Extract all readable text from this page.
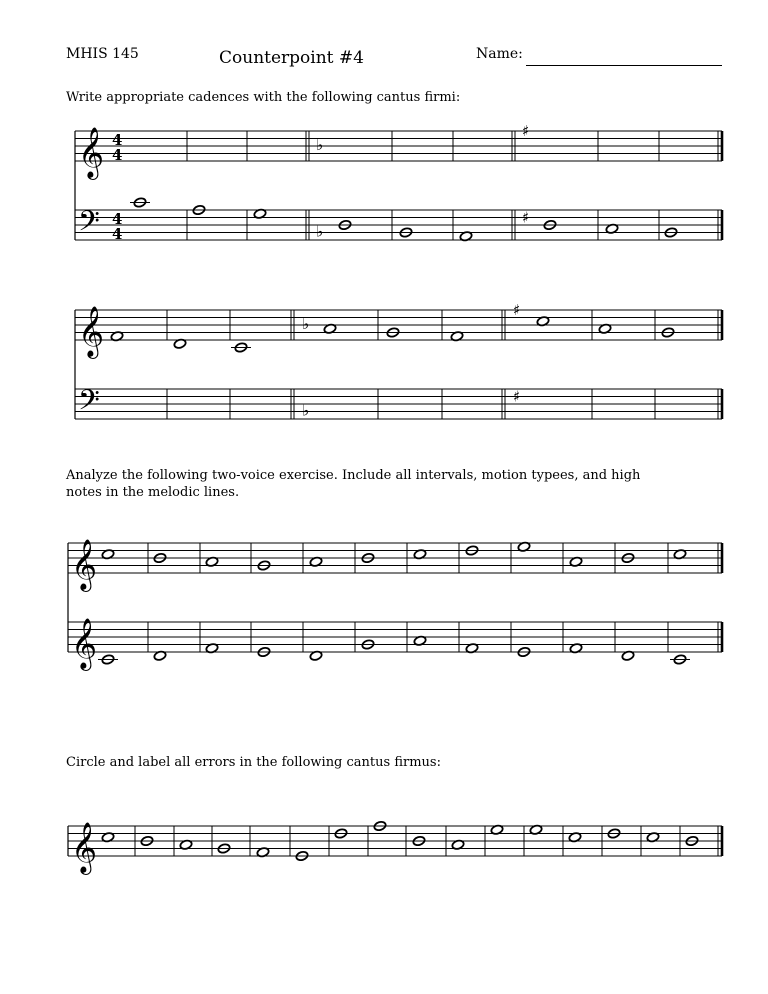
MHIS 145	Counterpoint #4	Name:
Write appropriate cadences with the following cantus firmi:
Analyze the following two-voice exercise. Include all intervals, motion typees, and high notes in the melodic lines.
Circle and label all errors in the following cantus firmus:
𝄞 4
4
𝄢 4
4
♭
♭
♯
♯
𝄞
𝄢
♭
♭
♯
♯
𝄞
𝄞
𝄞
